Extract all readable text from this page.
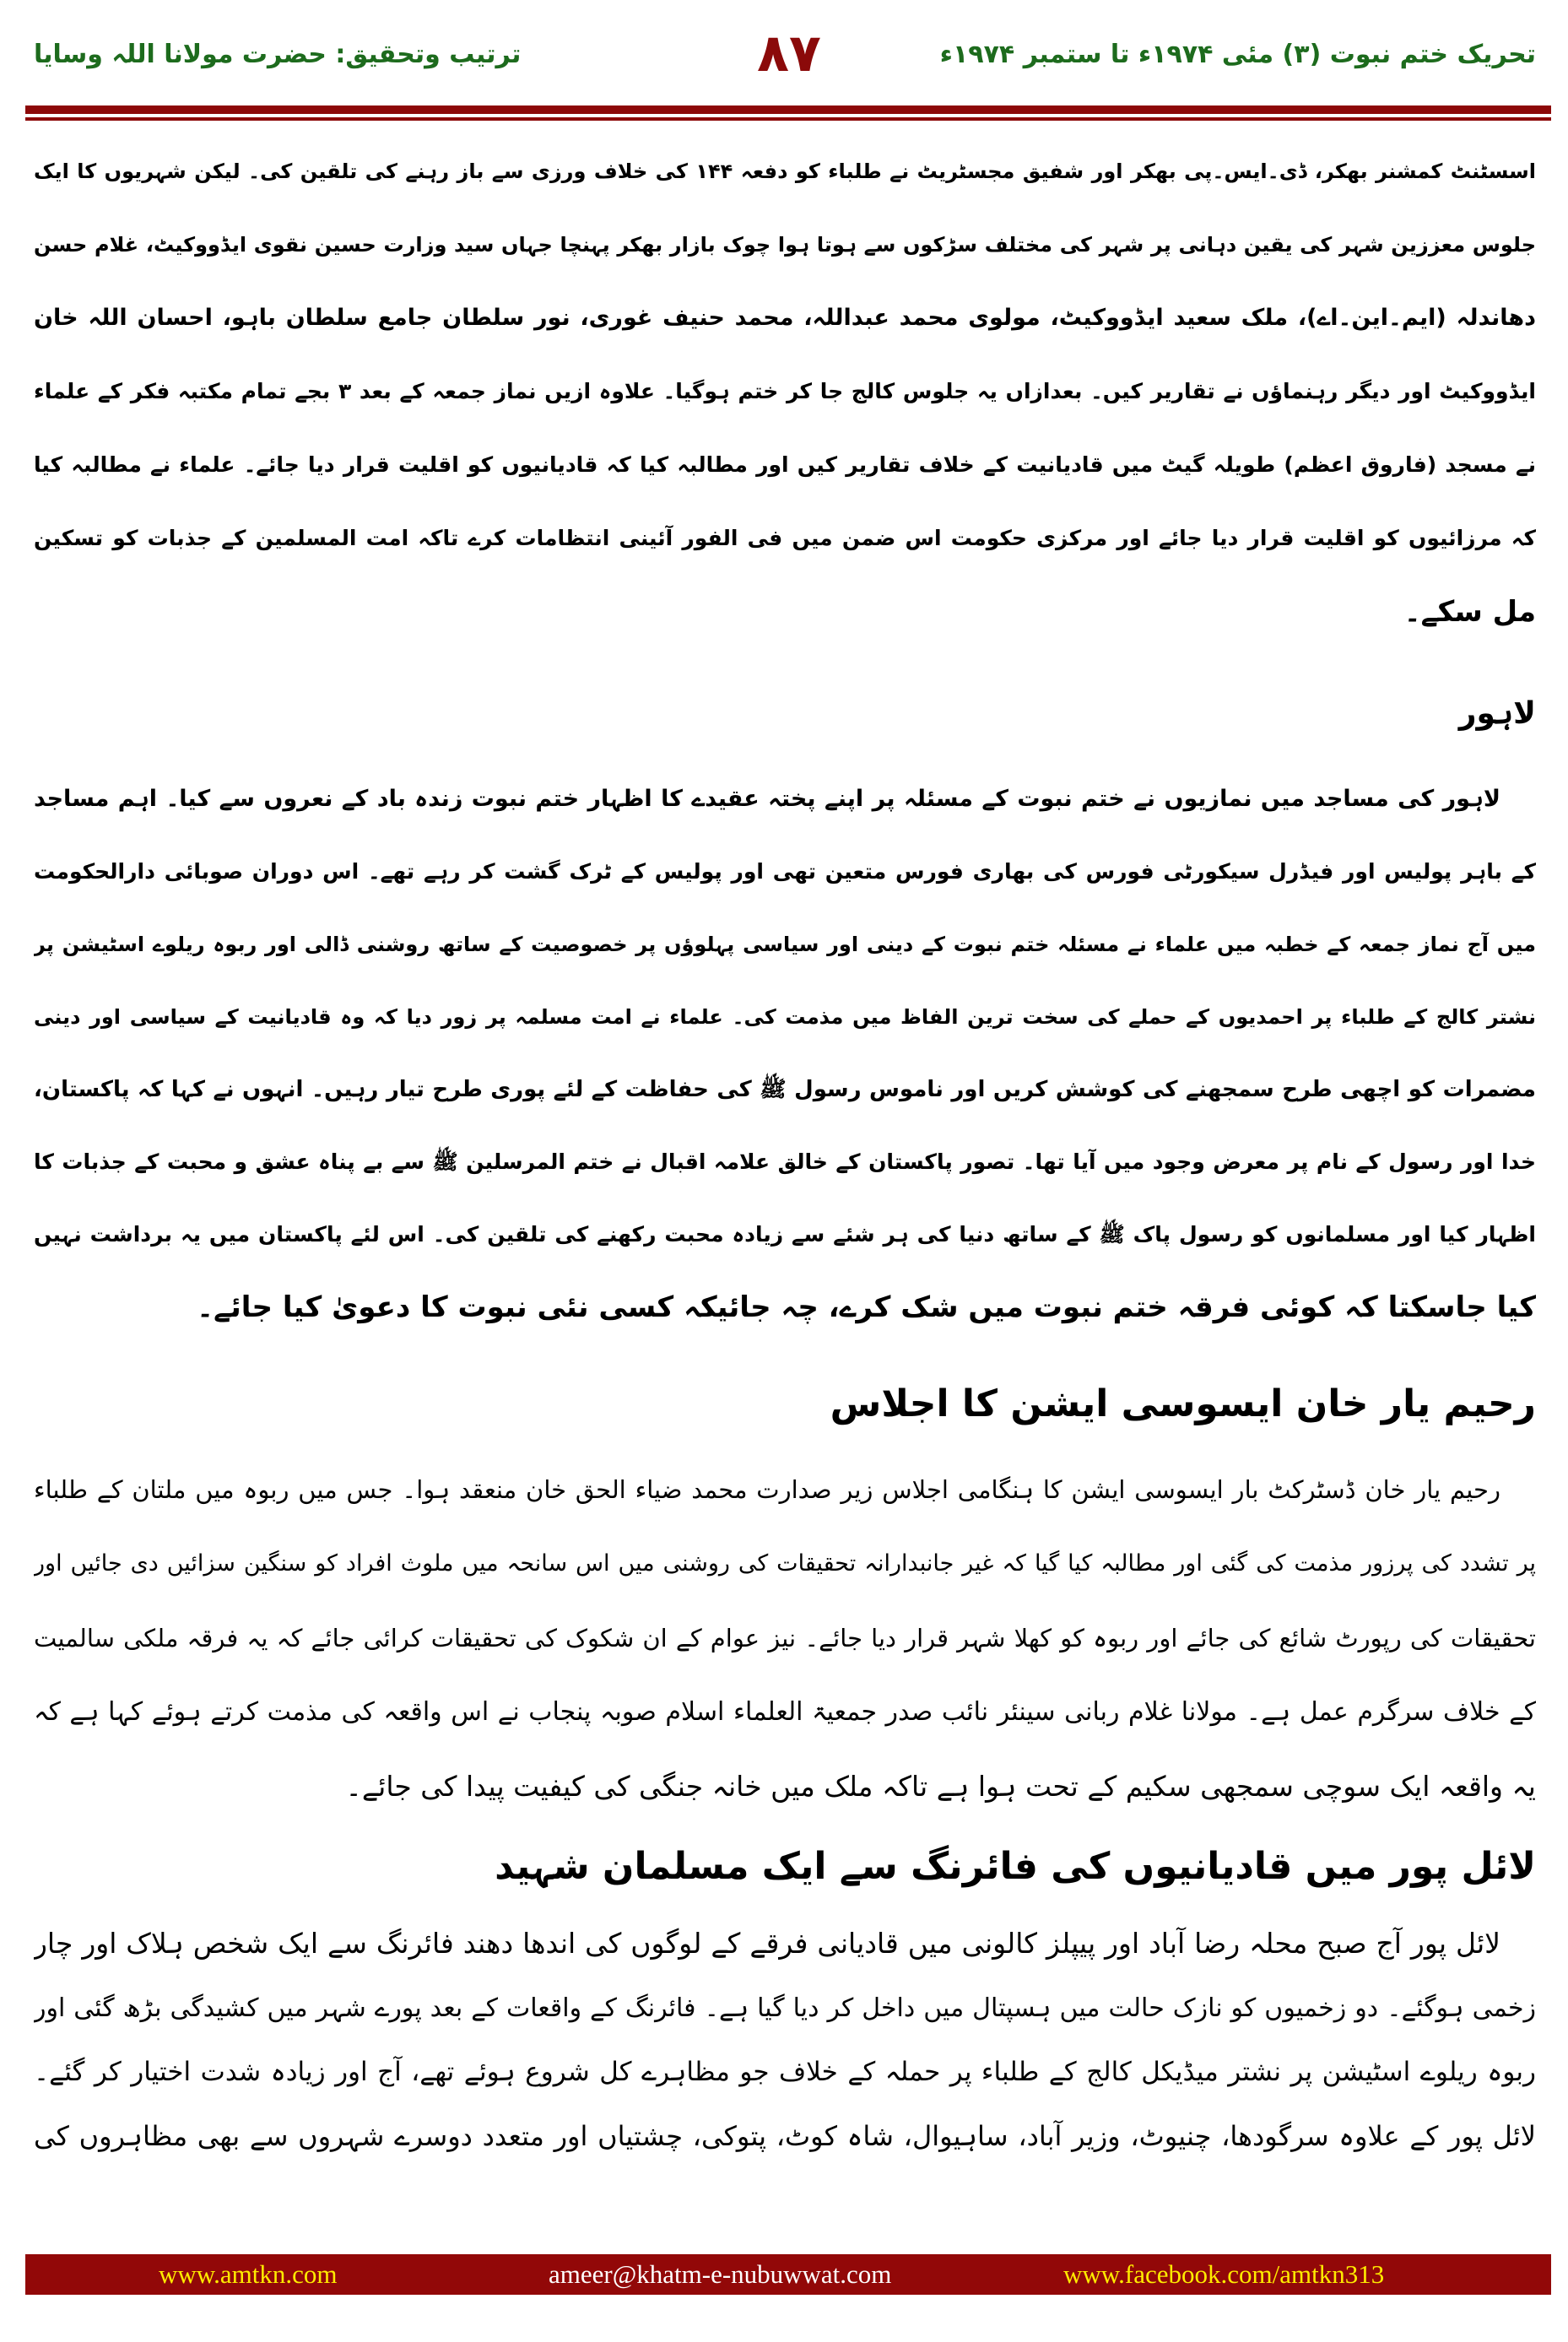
تحریک ختم نبوت (۳) مئی ۱۹۷۴ء تا ستمبر ۱۹۷۴ء
۸۷
ترتیب وتحقیق: حضرت مولانا اللہ وسایا
اسسٹنٹ کمشنر بھکر، ڈی۔ایس۔پی بھکر اور شفیق مجسٹریٹ نے طلباء کو دفعہ ۱۴۴ کی خلاف ورزی سے باز رہنے کی تلقین کی۔ لیکن شہریوں کا ایک
جلوس معززین شہر کی یقین دہانی پر شہر کی مختلف سڑکوں سے ہوتا ہوا چوک بازار بھکر پہنچا جہاں سید وزارت حسین نقوی ایڈووکیٹ، غلام حسن
دھاندلہ (ایم۔این۔اے)، ملک سعید ایڈووکیٹ، مولوی محمد عبداللہ، محمد حنیف غوری، نور سلطان جامع سلطان باہو، احسان اللہ خان
ایڈووکیٹ اور دیگر رہنماؤں نے تقاریر کیں۔ بعدازاں یہ جلوس کالج جا کر ختم ہوگیا۔ علاوہ ازیں نماز جمعہ کے بعد ۳ بجے تمام مکتبہ فکر کے علماء
نے مسجد (فاروق اعظم) طویلہ گیٹ میں قادیانیت کے خلاف تقاریر کیں اور مطالبہ کیا کہ قادیانیوں کو اقلیت قرار دیا جائے۔ علماء نے مطالبہ کیا
کہ مرزائیوں کو اقلیت قرار دیا جائے اور مرکزی حکومت اس ضمن میں فی الفور آئینی انتظامات کرے تاکہ امت المسلمین کے جذبات کو تسکین
مل سکے۔
لاہور
لاہور کی مساجد میں نمازیوں نے ختم نبوت کے مسئلہ پر اپنے پختہ عقیدے کا اظہار ختم نبوت زندہ باد کے نعروں سے کیا۔ اہم مساجد
کے باہر پولیس اور فیڈرل سیکورٹی فورس کی بھاری فورس متعین تھی اور پولیس کے ٹرک گشت کر رہے تھے۔ اس دوران صوبائی دارالحکومت
میں آج نماز جمعہ کے خطبہ میں علماء نے مسئلہ ختم نبوت کے دینی اور سیاسی پہلوؤں پر خصوصیت کے ساتھ روشنی ڈالی اور ربوہ ریلوے اسٹیشن پر
نشتر کالج کے طلباء پر احمدیوں کے حملے کی سخت ترین الفاظ میں مذمت کی۔ علماء نے امت مسلمہ پر زور دیا کہ وہ قادیانیت کے سیاسی اور دینی
مضمرات کو اچھی طرح سمجھنے کی کوشش کریں اور ناموس رسول ﷺ کی حفاظت کے لئے پوری طرح تیار رہیں۔ انہوں نے کہا کہ پاکستان،
خدا اور رسول کے نام پر معرض وجود میں آیا تھا۔ تصور پاکستان کے خالق علامہ اقبال نے ختم المرسلین ﷺ سے بے پناہ عشق و محبت کے جذبات کا
اظہار کیا اور مسلمانوں کو رسول پاک ﷺ کے ساتھ دنیا کی ہر شئے سے زیادہ محبت رکھنے کی تلقین کی۔ اس لئے پاکستان میں یہ برداشت نہیں
کیا جاسکتا کہ کوئی فرقہ ختم نبوت میں شک کرے، چہ جائیکہ کسی نئی نبوت کا دعویٰ کیا جائے۔
رحیم یار خان ایسوسی ایشن کا اجلاس
رحیم یار خان ڈسٹرکٹ بار ایسوسی ایشن کا ہنگامی اجلاس زیر صدارت محمد ضیاء الحق خان منعقد ہوا۔ جس میں ربوہ میں ملتان کے طلباء
پر تشدد کی پرزور مذمت کی گئی اور مطالبہ کیا گیا کہ غیر جانبدارانہ تحقیقات کی روشنی میں اس سانحہ میں ملوث افراد کو سنگین سزائیں دی جائیں اور
تحقیقات کی رپورٹ شائع کی جائے اور ربوہ کو کھلا شہر قرار دیا جائے۔ نیز عوام کے ان شکوک کی تحقیقات کرائی جائے کہ یہ فرقہ ملکی سالمیت
کے خلاف سرگرم عمل ہے۔ مولانا غلام ربانی سینئر نائب صدر جمعیۃ العلماء اسلام صوبہ پنجاب نے اس واقعہ کی مذمت کرتے ہوئے کہا ہے کہ
یہ واقعہ ایک سوچی سمجھی سکیم کے تحت ہوا ہے تاکہ ملک میں خانہ جنگی کی کیفیت پیدا کی جائے۔
لائل پور میں قادیانیوں کی فائرنگ سے ایک مسلمان شہید
لائل پور آج صبح محلہ رضا آباد اور پیپلز کالونی میں قادیانی فرقے کے لوگوں کی اندھا دھند فائرنگ سے ایک شخص ہلاک اور چار
زخمی ہوگئے۔ دو زخمیوں کو نازک حالت میں ہسپتال میں داخل کر دیا گیا ہے۔ فائرنگ کے واقعات کے بعد پورے شہر میں کشیدگی بڑھ گئی اور
ربوہ ریلوے اسٹیشن پر نشتر میڈیکل کالج کے طلباء پر حملہ کے خلاف جو مظاہرے کل شروع ہوئے تھے، آج اور زیادہ شدت اختیار کر گئے۔
لائل پور کے علاوہ سرگودھا، چنیوٹ، وزیر آباد، ساہیوال، شاہ کوٹ، پتوکی، چشتیاں اور متعدد دوسرے شہروں سے بھی مظاہروں کی
www.amtkn.com	ameer@khatm-e-nubuwwat.com	www.facebook.com/amtkn313
